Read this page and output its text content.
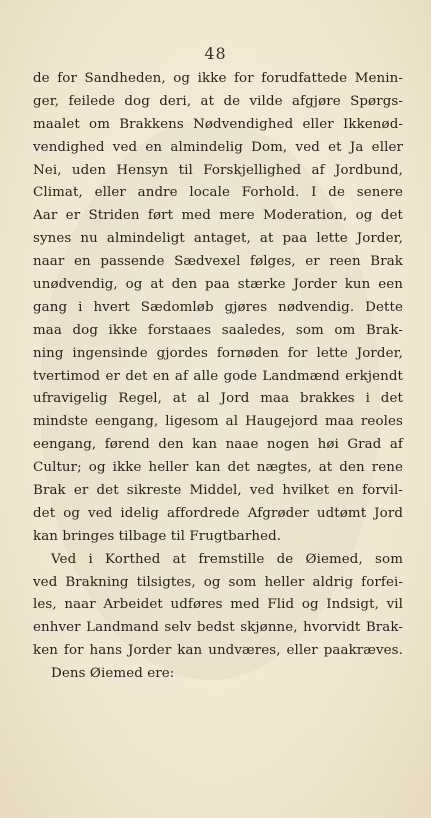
48
de for Sandheden, og ikke for forudfattede Menin-
ger, feilede dog deri, at de vilde afgjøre Spørgs-
maalet om Brakkens Nødvendighed eller Ikkenød-
vendighed ved en almindelig Dom, ved et Ja eller
Nei, uden Hensyn til Forskjellighed af Jordbund,
Climat, eller andre locale Forhold. I de senere
Aar er Striden ført med mere Moderation, og det
synes nu almindeligt antaget, at paa lette Jorder,
naar en passende Sædvexel følges, er reen Brak
unødvendig, og at den paa stærke Jorder kun een
gang i hvert Sædomløb gjøres nødvendig. Dette
maa dog ikke forstaaes saaledes, som om Brak-
ning ingensinde gjordes fornøden for lette Jorder,
tvertimod er det en af alle gode Landmænd erkjendt
ufravigelig Regel, at al Jord maa brakkes i det
mindste eengang, ligesom al Haugejord maa reoles
eengang, førend den kan naae nogen høi Grad af
Cultur; og ikke heller kan det nægtes, at den rene
Brak er det sikreste Middel, ved hvilket en forvil-
det og ved idelig affordrede Afgrøder udtømt Jord
kan bringes tilbage til Frugtbarhed.
Ved i Korthed at fremstille de Øiemed, som
ved Brakning tilsigtes, og som heller aldrig forfei-
les, naar Arbeidet udføres med Flid og Indsigt, vil
enhver Landmand selv bedst skjønne, hvorvidt Brak-
ken for hans Jorder kan undværes, eller paakræves.
Dens Øiemed ere:
